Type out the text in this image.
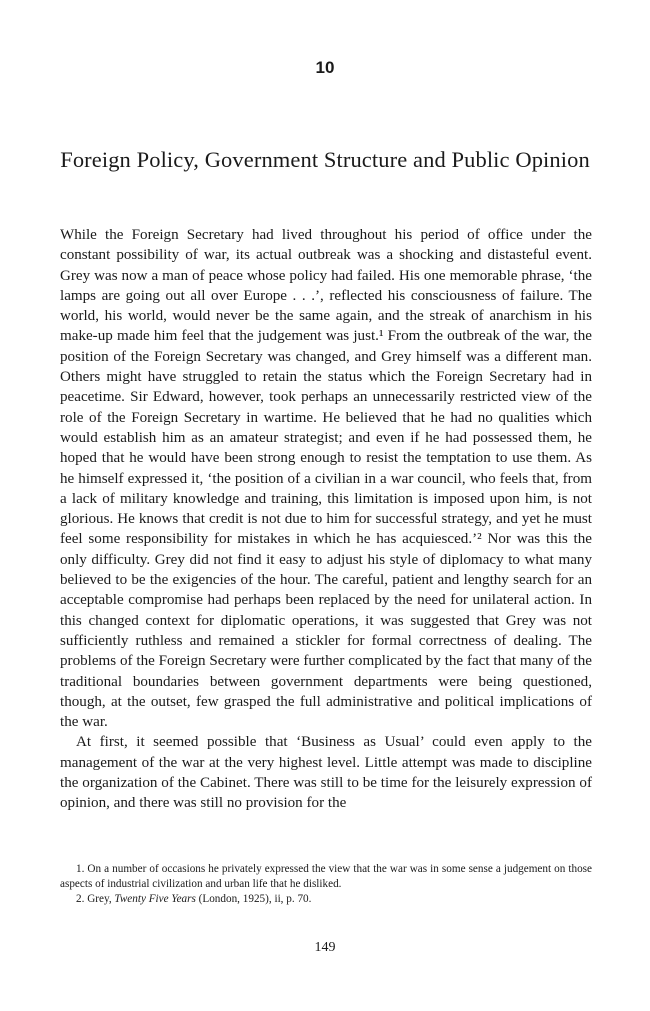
10
Foreign Policy, Government Structure and Public Opinion

While the Foreign Secretary had lived throughout his period of office under the constant possibility of war, its actual outbreak was a shocking and distasteful event. Grey was now a man of peace whose policy had failed. His one memorable phrase, ‘the lamps are going out all over Europe . . .’, reflected his consciousness of failure. The world, his world, would never be the same again, and the streak of anarchism in his make-up made him feel that the judgement was just.¹ From the outbreak of the war, the position of the Foreign Secretary was changed, and Grey himself was a different man. Others might have struggled to retain the status which the Foreign Secretary had in peacetime. Sir Edward, however, took perhaps an unnecessarily restricted view of the role of the Foreign Secretary in wartime. He believed that he had no qualities which would establish him as an amateur strategist; and even if he had possessed them, he hoped that he would have been strong enough to resist the temptation to use them. As he himself expressed it, ‘the position of a civilian in a war council, who feels that, from a lack of military knowledge and training, this limitation is imposed upon him, is not glorious. He knows that credit is not due to him for successful strategy, and yet he must feel some responsibility for mistakes in which he has acquiesced.’² Nor was this the only difficulty. Grey did not find it easy to adjust his style of diplomacy to what many believed to be the exigencies of the hour. The careful, patient and lengthy search for an acceptable compromise had perhaps been replaced by the need for unilateral action. In this changed context for diplomatic operations, it was suggested that Grey was not sufficiently ruthless and remained a stickler for formal correctness of dealing. The problems of the Foreign Secretary were further complicated by the fact that many of the traditional boundaries between government departments were being questioned, though, at the outset, few grasped the full administrative and political implications of the war.

At first, it seemed possible that ‘Business as Usual’ could even apply to the management of the war at the very highest level. Little attempt was made to discipline the organization of the Cabinet. There was still to be time for the leisurely expression of opinion, and there was still no provision for the

1. On a number of occasions he privately expressed the view that the war was in some sense a judgement on those aspects of industrial civilization and urban life that he disliked.

2. Grey, Twenty Five Years (London, 1925), ii, p. 70.

149
